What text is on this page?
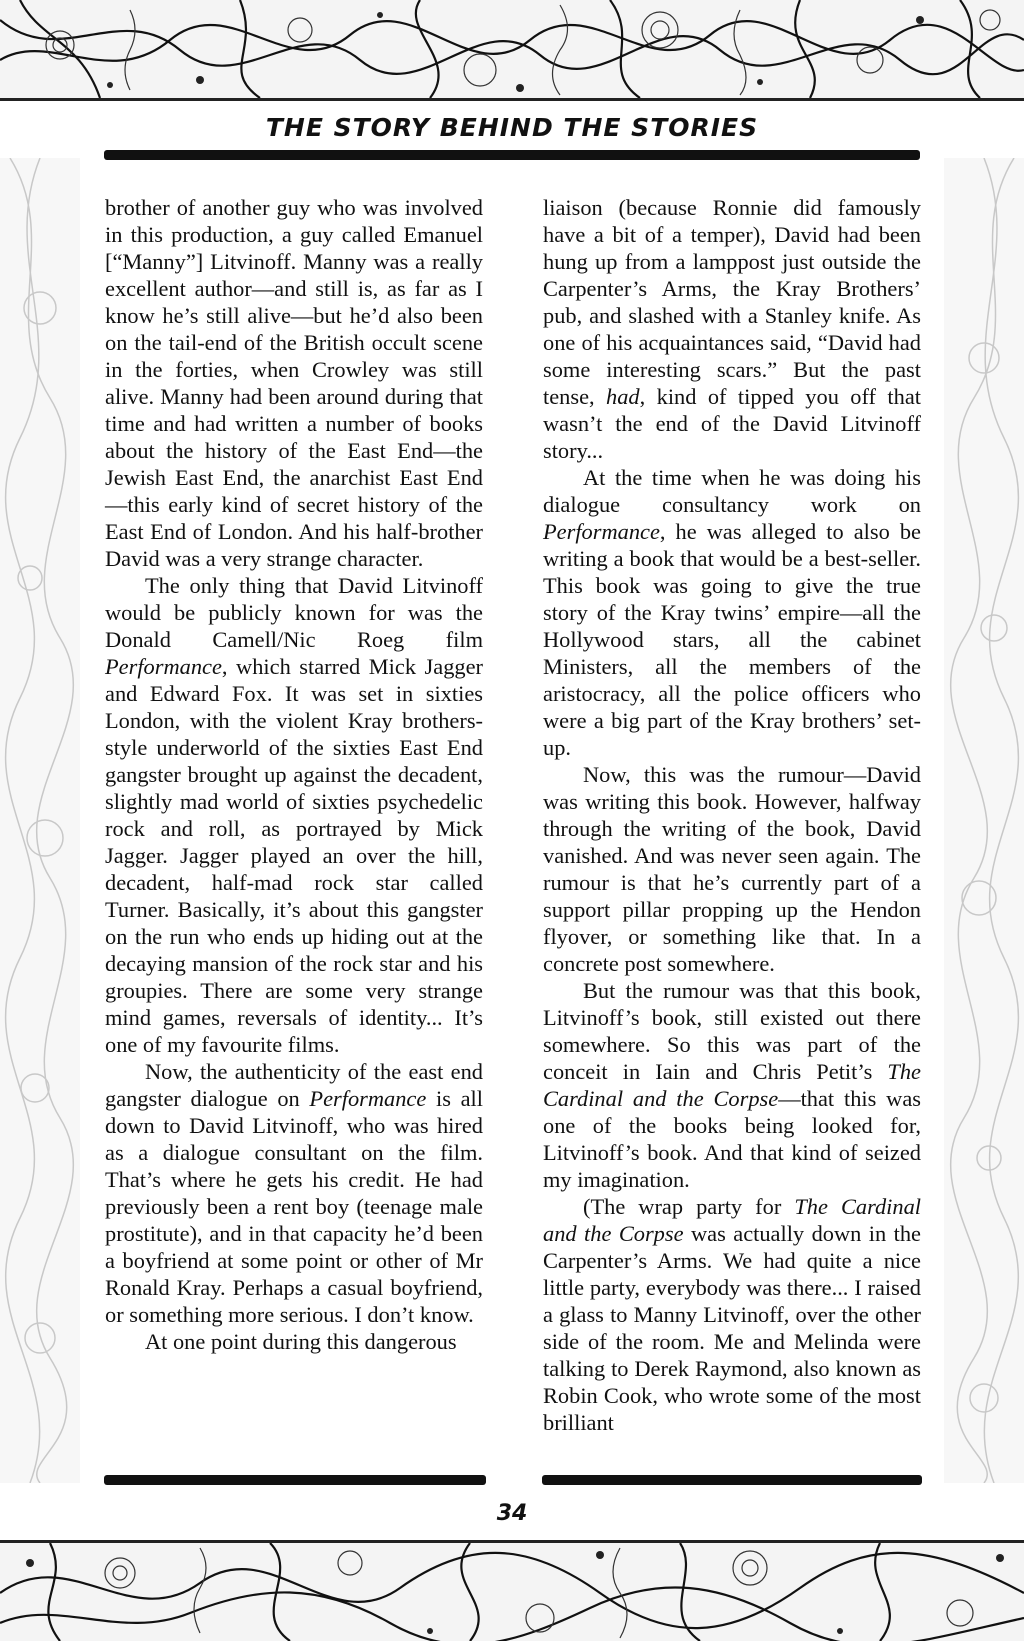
THE STORY BEHIND THE STORIES

brother of another guy who was involved in this production, a guy called Emanuel [“Manny”] Litvinoff. Manny was a really excellent author—and still is, as far as I know he’s still alive—but he’d also been on the tail-end of the British occult scene in the forties, when Crowley was still alive. Manny had been around during that time and had written a number of books about the history of the East End—the Jewish East End, the anarchist East End—this early kind of secret history of the East End of London. And his half-brother David was a very strange character.

The only thing that David Litvinoff would be publicly known for was the Donald Camell/Nic Roeg film Performance, which starred Mick Jagger and Edward Fox. It was set in sixties London, with the violent Kray brothers-style underworld of the sixties East End gangster brought up against the decadent, slightly mad world of sixties psychedelic rock and roll, as portrayed by Mick Jagger. Jagger played an over the hill, decadent, half-mad rock star called Turner. Basically, it’s about this gangster on the run who ends up hiding out at the decaying mansion of the rock star and his groupies. There are some very strange mind games, reversals of identity... It’s one of my favourite films.

Now, the authenticity of the east end gangster dialogue on Performance is all down to David Litvinoff, who was hired as a dialogue consultant on the film. That’s where he gets his credit. He had previously been a rent boy (teenage male prostitute), and in that capacity he’d been a boyfriend at some point or other of Mr Ronald Kray. Perhaps a casual boyfriend, or something more serious. I don’t know.

At one point during this dangerous

liaison (because Ronnie did famously have a bit of a temper), David had been hung up from a lamppost just outside the Carpenter’s Arms, the Kray Brothers’ pub, and slashed with a Stanley knife. As one of his acquaintances said, “David had some interesting scars.” But the past tense, had, kind of tipped you off that wasn’t the end of the David Litvinoff story...

At the time when he was doing his dialogue consultancy work on Performance, he was alleged to also be writing a book that would be a best-seller. This book was going to give the true story of the Kray twins’ empire—all the Hollywood stars, all the cabinet Ministers, all the members of the aristocracy, all the police officers who were a big part of the Kray brothers’ set-up.

Now, this was the rumour—David was writing this book. However, halfway through the writing of the book, David vanished. And was never seen again. The rumour is that he’s currently part of a support pillar propping up the Hendon flyover, or something like that. In a concrete post somewhere.

But the rumour was that this book, Litvinoff’s book, still existed out there somewhere. So this was part of the conceit in Iain and Chris Petit’s The Cardinal and the Corpse—that this was one of the books being looked for, Litvinoff’s book. And that kind of seized my imagination.

(The wrap party for The Cardinal and the Corpse was actually down in the Carpenter’s Arms. We had quite a nice little party, everybody was there... I raised a glass to Manny Litvinoff, over the other side of the room. Me and Melinda were talking to Derek Raymond, also known as Robin Cook, who wrote some of the most brilliant

34
